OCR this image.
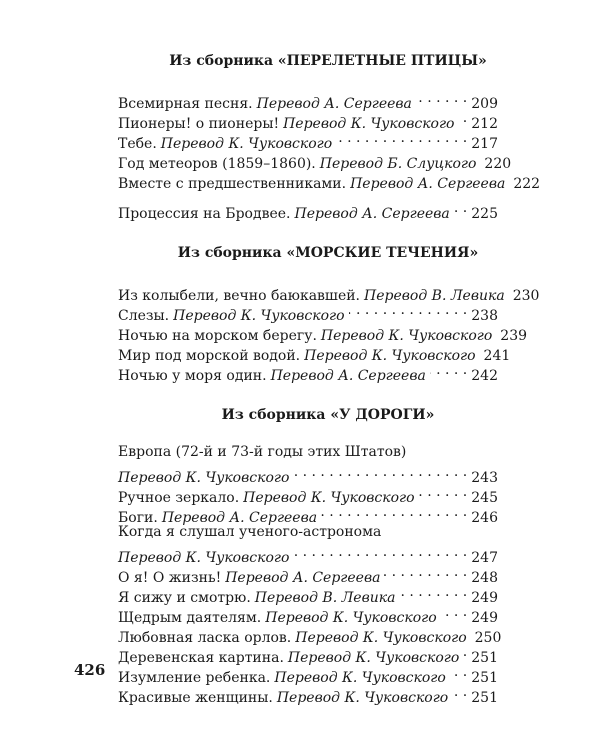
Из сборника «ПЕРЕЛЕТНЫЕ ПТИЦЫ»
Всемирная песня. Перевод А. Сергеева . . .	209
Пионеры! о пионеры! Перевод К. Чуковского . . . 212
Тебе. Перевод К. Чуковского . . .	217
Год метеоров (1859–1860). Перевод Б. Слуцкого 220
Вместе с предшественниками. Перевод А. Сергеева 222
Процессия на Бродвее. Перевод А. Сергеева . . . 225
Из сборника «МОРСКИЕ ТЕЧЕНИЯ»
Из колыбели, вечно баюкавшей. Перевод В. Левика 230
Слезы. Перевод К. Чуковского . . .	238
Ночью на морском берегу. Перевод К. Чуковского 239
Мир под морской водой. Перевод К. Чуковского 241
Ночью у моря один. Перевод А. Сергеева . . .	242
Из сборника «У ДОРОГИ»
Европа (72-й и 73-й годы этих Штатов)
Перевод К. Чуковского . . .	243
Ручное зеркало. Перевод К. Чуковского . . .	245
Боги. Перевод А. Сергеева . . .	246
Когда я слушал ученого-астронома
Перевод К. Чуковского . . .	247
О я! О жизнь! Перевод А. Сергеева . . .	248
Я сижу и смотрю. Перевод В. Левика . . .	249
Щедрым даятелям. Перевод К. Чуковского . . . 249
Любовная ласка орлов. Перевод К. Чуковского 250
Деревенская картина. Перевод К. Чуковского . . . 251
Изумление ребенка. Перевод К. Чуковского . . . 251
Красивые женщины. Перевод К. Чуковского . . . 251
426
